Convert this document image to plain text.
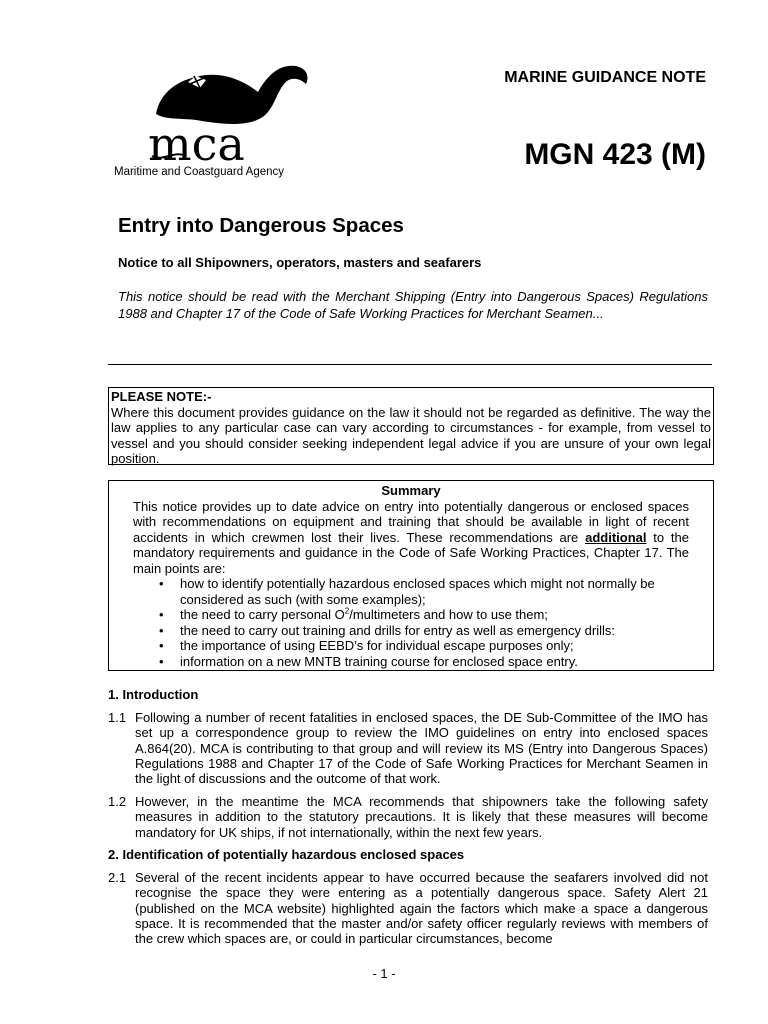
mca
Maritime and Coastguard Agency
MARINE GUIDANCE NOTE
MGN 423 (M)
Entry into Dangerous Spaces
Notice to all Shipowners, operators, masters and seafarers
This notice should be read with the Merchant Shipping (Entry into Dangerous Spaces) Regulations 1988 and Chapter 17 of the Code of Safe Working Practices for Merchant Seamen...
PLEASE NOTE:-
Where this document provides guidance on the law it should not be regarded as definitive. The way the law applies to any particular case can vary according to circumstances - for example, from vessel to vessel and you should consider seeking independent legal advice if you are unsure of your own legal position.
Summary
This notice provides up to date advice on entry into potentially dangerous or enclosed spaces with recommendations on equipment and training that should be available in light of recent accidents in which crewmen lost their lives. These recommendations are additional to the mandatory requirements and guidance in the Code of Safe Working Practices, Chapter 17. The main points are:
• how to identify potentially hazardous enclosed spaces which might not normally be considered as such (with some examples);
• the need to carry personal $O^2$/multimeters and how to use them;
• the need to carry out training and drills for entry as well as emergency drills:
• the importance of using EEBD’s for individual escape purposes only;
• information on a new MNTB training course for enclosed space entry.
1. Introduction
1.1 Following a number of recent fatalities in enclosed spaces, the DE Sub-Committee of the IMO has set up a correspondence group to review the IMO guidelines on entry into enclosed spaces A.864(20). MCA is contributing to that group and will review its MS (Entry into Dangerous Spaces) Regulations 1988 and Chapter 17 of the Code of Safe Working Practices for Merchant Seamen in the light of discussions and the outcome of that work.
1.2 However, in the meantime the MCA recommends that shipowners take the following safety measures in addition to the statutory precautions. It is likely that these measures will become mandatory for UK ships, if not internationally, within the next few years.
2. Identification of potentially hazardous enclosed spaces
2.1 Several of the recent incidents appear to have occurred because the seafarers involved did not recognise the space they were entering as a potentially dangerous space. Safety Alert 21 (published on the MCA website) highlighted again the factors which make a space a dangerous space. It is recommended that the master and/or safety officer regularly reviews with members of the crew which spaces are, or could in particular circumstances, become
- 1 -
